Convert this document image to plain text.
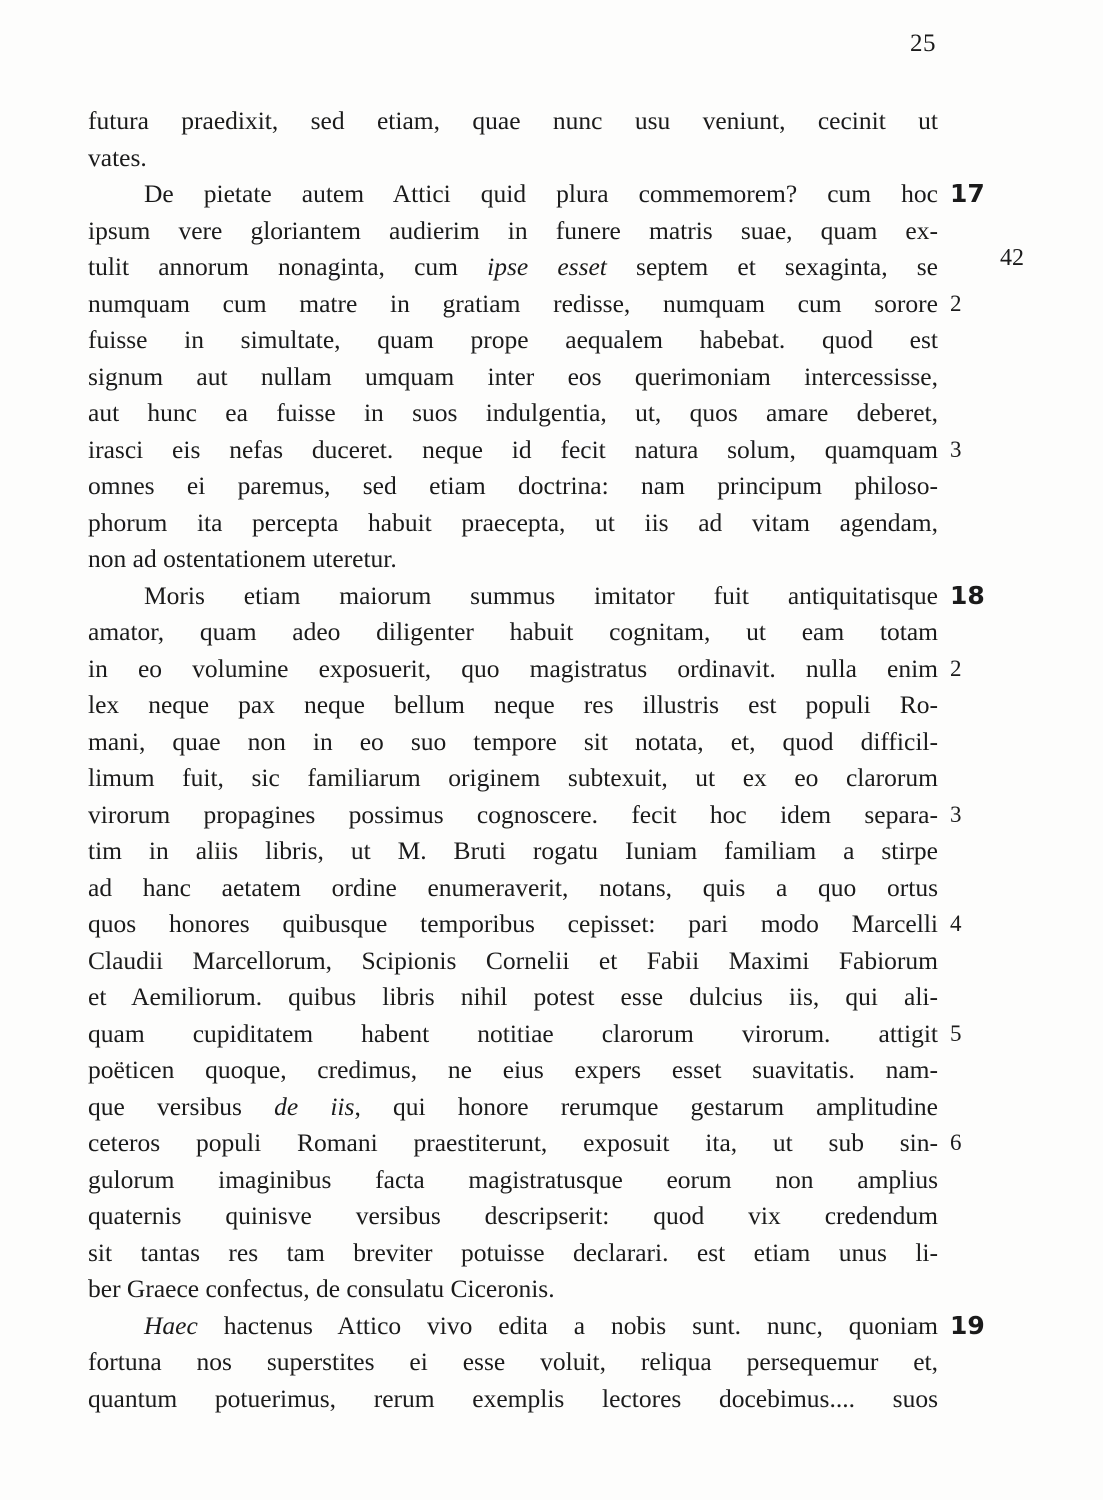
25
42
futura praedixit, sed etiam, quae nunc usu veniunt, cecinit ut
vates.
De pietate autem Attici quid plura commemorem? cum hoc 17
ipsum vere gloriantem audierim in funere matris suae, quam ex-
tulit annorum nonaginta, cum ipse esset septem et sexaginta, se
numquam cum matre in gratiam redisse, numquam cum sorore 2
fuisse in simultate, quam prope aequalem habebat. quod est
signum aut nullam umquam inter eos querimoniam intercessisse,
aut hunc ea fuisse in suos indulgentia, ut, quos amare deberet,
irasci eis nefas duceret. neque id fecit natura solum, quamquam 3
omnes ei paremus, sed etiam doctrina: nam principum philoso-
phorum ita percepta habuit praecepta, ut iis ad vitam agendam,
non ad ostentationem uteretur.
Moris etiam maiorum summus imitator fuit antiquitatisque 18
amator, quam adeo diligenter habuit cognitam, ut eam totam
in eo volumine exposuerit, quo magistratus ordinavit. nulla enim 2
lex neque pax neque bellum neque res illustris est populi Ro-
mani, quae non in eo suo tempore sit notata, et, quod difficil-
limum fuit, sic familiarum originem subtexuit, ut ex eo clarorum
virorum propagines possimus cognoscere. fecit hoc idem separa- 3
tim in aliis libris, ut M. Bruti rogatu Iuniam familiam a stirpe
ad hanc aetatem ordine enumeraverit, notans, quis a quo ortus
quos honores quibusque temporibus cepisset: pari modo Marcelli 4
Claudii Marcellorum, Scipionis Cornelii et Fabii Maximi Fabiorum
et Aemiliorum. quibus libris nihil potest esse dulcius iis, qui ali-
quam cupiditatem habent notitiae clarorum virorum. attigit 5
poëticen quoque, credimus, ne eius expers esset suavitatis. nam-
que versibus de iis, qui honore rerumque gestarum amplitudine
ceteros populi Romani praestiterunt, exposuit ita, ut sub sin- 6
gulorum imaginibus facta magistratusque eorum non amplius
quaternis quinisve versibus descripserit: quod vix credendum
sit tantas res tam breviter potuisse declarari. est etiam unus li-
ber Graece confectus, de consulatu Ciceronis.
Haec hactenus Attico vivo edita a nobis sunt. nunc, quoniam 19
fortuna nos superstites ei esse voluit, reliqua persequemur et,
quantum potuerimus, rerum exemplis lectores docebimus.... suos
